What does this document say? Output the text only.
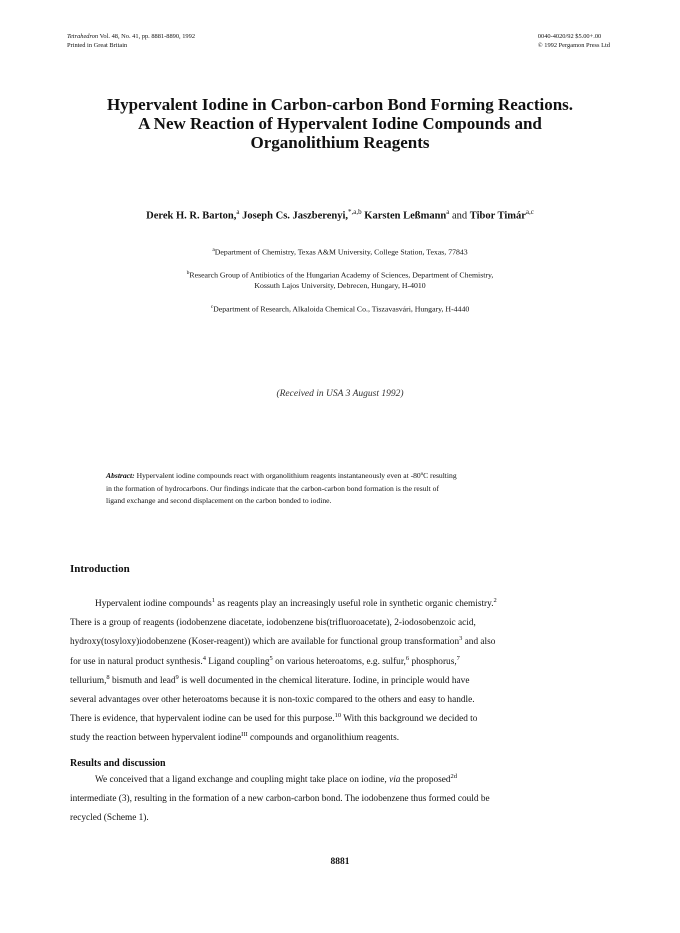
Tetrahedron Vol. 48, No. 41, pp. 8881-8890, 1992
Printed in Great Britain
0040-4020/92 $5.00+.00
© 1992 Pergamon Press Ltd
Hypervalent Iodine in Carbon-carbon Bond Forming Reactions.
A New Reaction of Hypervalent Iodine Compounds and
Organolithium Reagents
Derek H. R. Barton,$^a$ Joseph Cs. Jaszberenyi,$^{*,a,b}$ Karsten Leßmann$^a$ and Tibor Timár$^{a,c}$
$^a$Department of Chemistry, Texas A&M University, College Station, Texas, 77843
$^b$Research Group of Antibiotics of the Hungarian Academy of Sciences, Department of Chemistry,
Kossuth Lajos University, Debrecen, Hungary, H-4010
$^c$Department of Research, Alkaloida Chemical Co., Tiszavasvári, Hungary, H-4440
(Received in USA 3 August 1992)
Abstract: Hypervalent iodine compounds react with organolithium reagents instantaneously even at -80ºC resulting
in the formation of hydrocarbons. Our findings indicate that the carbon-carbon bond formation is the result of
ligand exchange and second displacement on the carbon bonded to iodine.
Introduction
Hypervalent iodine compounds$^1$ as reagents play an increasingly useful role in synthetic organic chemistry.$^2$
There is a group of reagents (iodobenzene diacetate, iodobenzene bis(trifluoroacetate), 2-iodosobenzoic acid,
hydroxy(tosyloxy)iodobenzene (Koser-reagent)) which are available for functional group transformation$^3$ and also
for use in natural product synthesis.$^4$ Ligand coupling$^5$ on various heteroatoms, e.g. sulfur,$^6$ phosphorus,$^7$
tellurium,$^8$ bismuth and lead$^9$ is well documented in the chemical literature. Iodine, in principle would have
several advantages over other heteroatoms because it is non-toxic compared to the others and easy to handle.
There is evidence, that hypervalent iodine can be used for this purpose.$^{10}$ With this background we decided to
study the reaction between hypervalent iodine$^{III}$ compounds and organolithium reagents.
Results and discussion
We conceived that a ligand exchange and coupling might take place on iodine, via the proposed$^{2d}$
intermediate (3), resulting in the formation of a new carbon-carbon bond. The iodobenzene thus formed could be
recycled (Scheme 1).
8881
